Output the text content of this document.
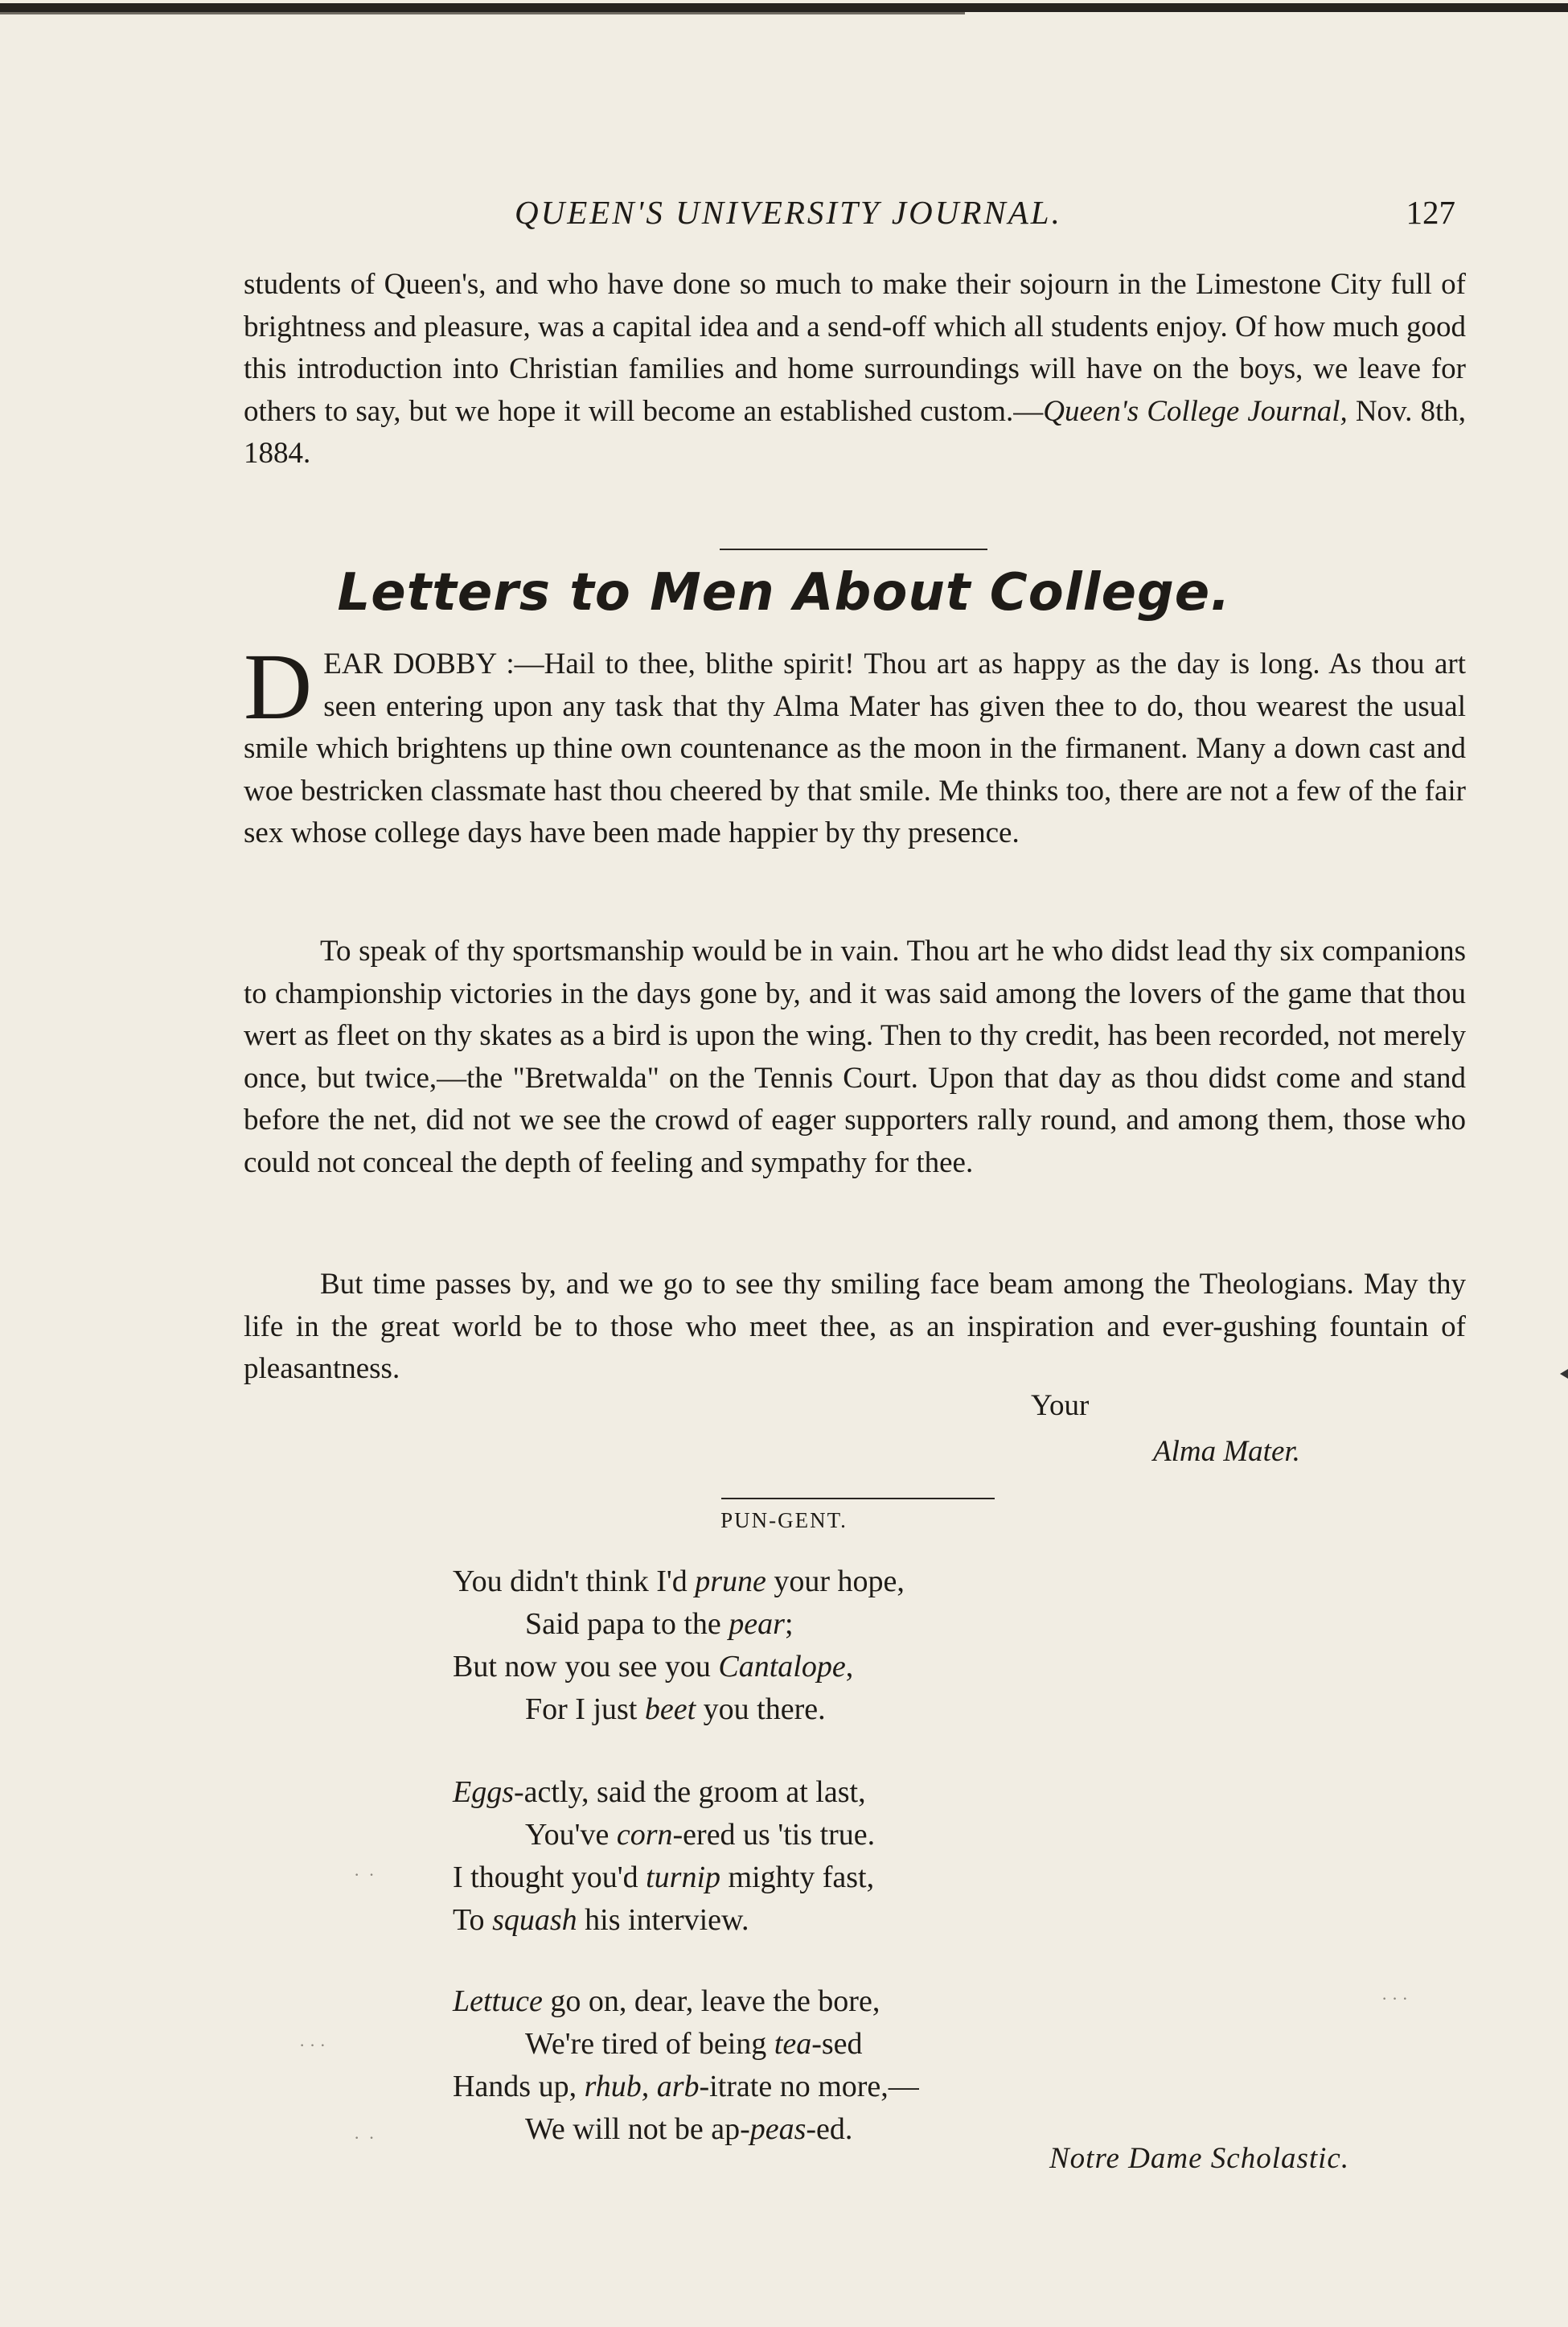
QUEEN'S UNIVERSITY JOURNAL.	127

students of Queen's, and who have done so much to make their sojourn in the Limestone City full of brightness and pleasure, was a capital idea and a send-off which all students enjoy. Of how much good this introduction into Christian families and home surroundings will have on the boys, we leave for others to say, but we hope it will become an established custom.—Queen's College Journal, Nov. 8th, 1884.

Letters to Men About College.

DEAR DOBBY :—Hail to thee, blithe spirit! Thou art as happy as the day is long. As thou art seen entering upon any task that thy Alma Mater has given thee to do, thou wearest the usual smile which brightens up thine own countenance as the moon in the firmanent. Many a down cast and woe bestricken classmate hast thou cheered by that smile. Me thinks too, there are not a few of the fair sex whose college days have been made happier by thy presence.

To speak of thy sportsmanship would be in vain. Thou art he who didst lead thy six companions to championship victories in the days gone by, and it was said among the lovers of the game that thou wert as fleet on thy skates as a bird is upon the wing. Then to thy credit, has been recorded, not merely once, but twice,—the "Bretwalda" on the Tennis Court. Upon that day as thou didst come and stand before the net, did not we see the crowd of eager supporters rally round, and among them, those who could not conceal the depth of feeling and sympathy for thee.

But time passes by, and we go to see thy smiling face beam among the Theologians. May thy life in the great world be to those who meet thee, as an inspiration and ever-gushing fountain of pleasantness.

Your
Alma Mater.
PUN-GENT.
You didn't think I'd prune your hope,
Said papa to the pear;
But now you see you Cantalope,
For I just beet you there.
Eggs-actly, said the groom at last,
You've corn-ered us 'tis true.
I thought you'd turnip mighty fast,
To squash his interview.
Lettuce go on, dear, leave the bore,
We're tired of being tea-sed
Hands up, rhub, arb-itrate no more,—
We will not be ap-peas-ed.
Notre Dame Scholastic.
·  ·
· · ·
· · ·
·  ·
